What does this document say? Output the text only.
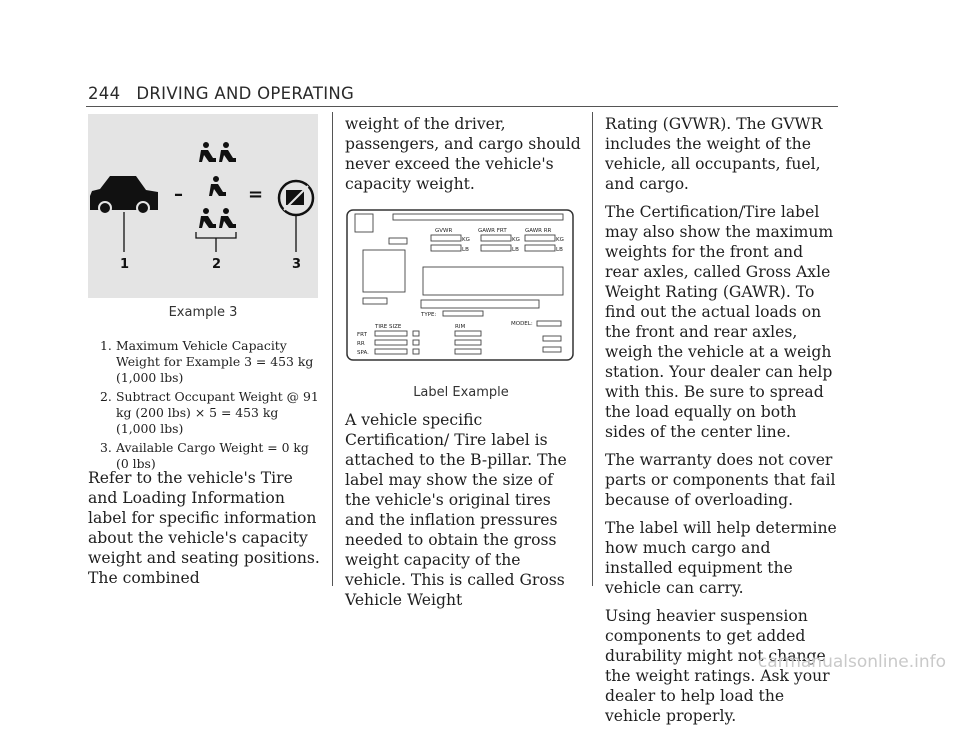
244 DRIVING AND OPERATING
–	=
1	2	3
Example 3
1. Maximum Vehicle Capacity Weight for Example 3 = 453 kg (1,000 lbs)
2. Subtract Occupant Weight @ 91 kg (200 lbs) × 5 = 453 kg (1,000 lbs)
3. Available Cargo Weight = 0 kg (0 lbs)

Refer to the vehicle's Tire and Loading Information label for specific information about the vehicle's capacity weight and seating positions. The combined

weight of the driver, passengers, and cargo should never exceed the vehicle's capacity weight.

GVWR	GAWR FRT	GAWR RR
KG
LB
KG
LB
KG
LB
TYPE:
TIRE SIZE	RIM	MODEL:
FRT
RR
SPA.
Label Example

A vehicle specific Certification/ Tire label is attached to the B-pillar. The label may show the size of the vehicle's original tires and the inflation pressures needed to obtain the gross weight capacity of the vehicle. This is called Gross Vehicle Weight

Rating (GVWR). The GVWR includes the weight of the vehicle, all occupants, fuel, and cargo.

The Certification/Tire label may also show the maximum weights for the front and rear axles, called Gross Axle Weight Rating (GAWR). To find out the actual loads on the front and rear axles, weigh the vehicle at a weigh station. Your dealer can help with this. Be sure to spread the load equally on both sides of the center line.

The warranty does not cover parts or components that fail because of overloading.

The label will help determine how much cargo and installed equipment the vehicle can carry.

Using heavier suspension components to get added durability might not change the weight ratings. Ask your dealer to help load the vehicle properly.

carmanualsonline.info
